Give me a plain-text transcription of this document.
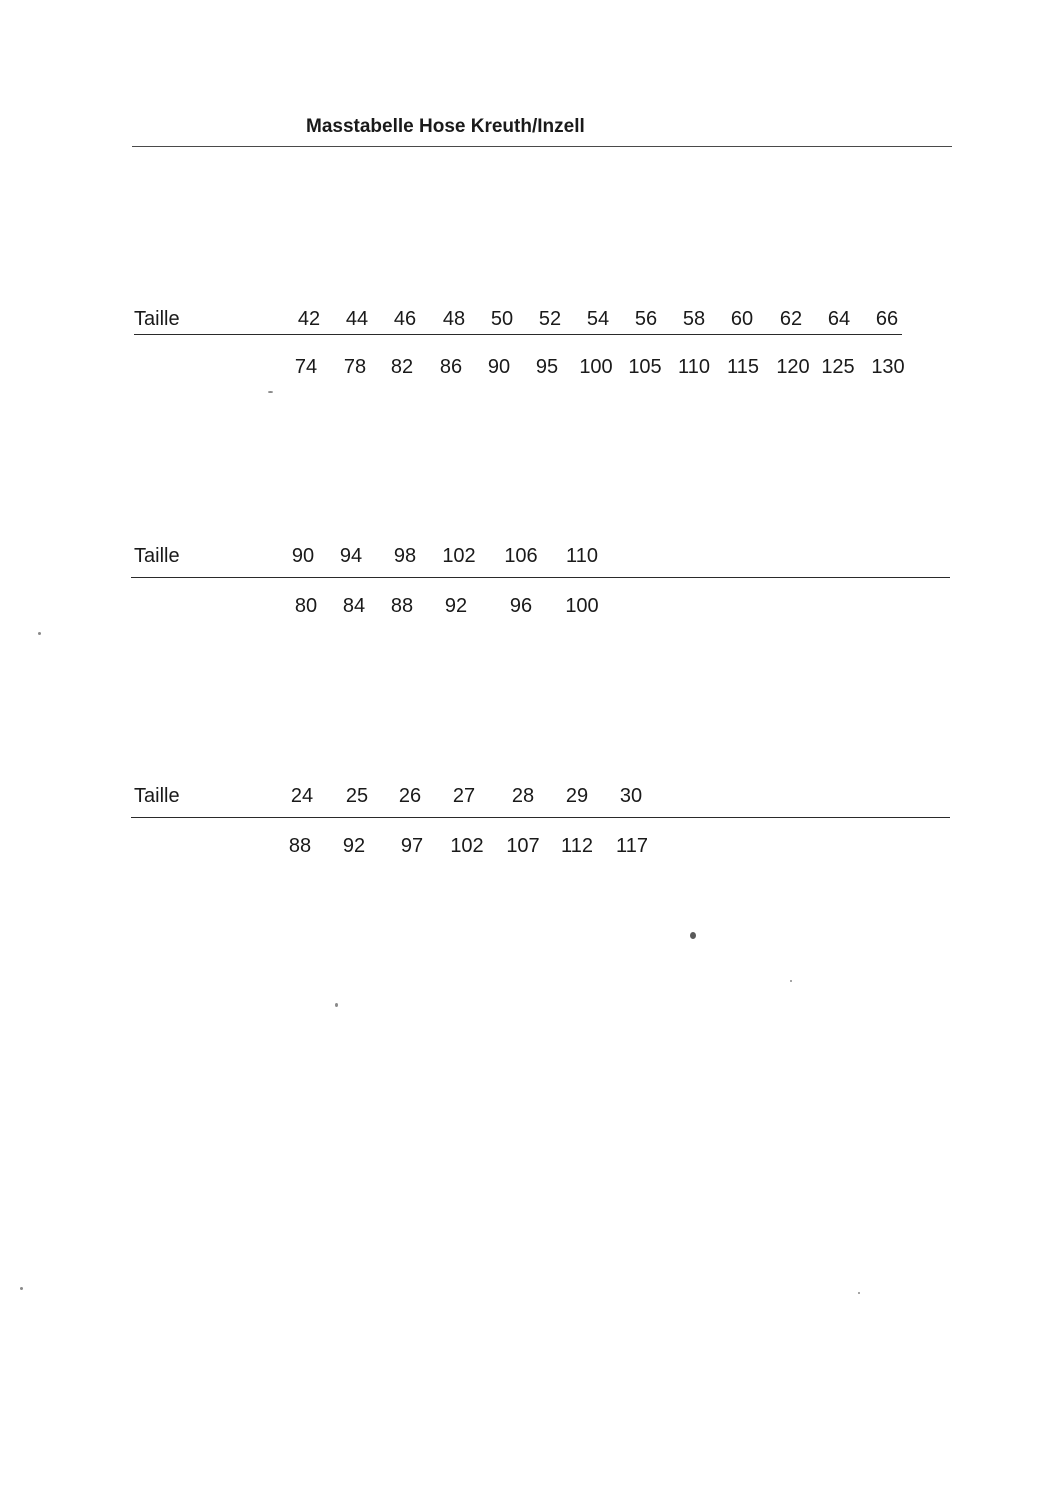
Masstabelle Hose Kreuth/Inzell
Taille	42 44 46 48 50 52 54 56 58 60 62 64 66
74 78 82 86 90 95 100 105 110 115 120 125 130
Taille	90 94 98 102 106 110
80 84 88 92 96 100
Taille	24 25 26 27 28 29 30
88 92 97 102 107 112 117
